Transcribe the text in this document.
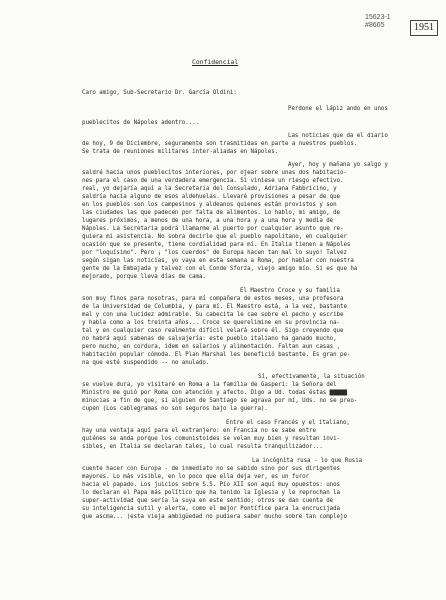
15623-1
#8665	1951
Confidencial
Caro amigo, Sub-Secretario Dr. García Oldini:
Perdone el lápiz ando en unos
pueblecitos de Nápoles adentro....
Las noticias que da el diario
de hoy, 9 de Diciembre, seguramente son trasmitidas en parte a nuestros pueblos.
Se trata de reuniones militares inter-aliadas en Nápoles.
Ayer, hoy y mañana yo salgo y
saldré hacia unos pueblecitos interiores, por ojear sobre unas dos habitacio-
nes para el caso de una verdadera emergencia. Si viniese un riesgo efectivo.
real, yo dejaría aquí a la Secretaria del Consulado, Adriana Fabbricino, y
saldría hacia alguno de esos aldehuelas. Llevaré provisiones a pesar de que
en los pueblos son los campesinos y aldeanos quienes están provistos y son
las ciudades las que padecen por falta de alimentos. Lo hablo, mi amigo, de
lugares próximos, a menos de una hora, a una hora y a una hora y media de
Nápoles. La Secretaria podrá llamarme al puerto por cualquier asunto que re-
quiera mi asistencia. No sobra decirle que el pueblo napolitano, en cualquier
ocasión que se presente, tiene cordialidad para mí. En Italia tienen a Nápoles
por "loquísimo". Pero ¡ "los cuerdos" de Europa hacen tan mal lo suyo! Talvez
según sigan las noticias, yo vaya en esta semana a Roma, por hablar con nuestra
gente de la Embajada y talvez con el Conde Sforza, viejo amigo mío. Si es que ha
mejorado, porque lleva días de cama.
El Maestro Croce y su familia
son muy finos para nosotras, para mí compañera de estos meses, una profesora
de la Universidad de Columbia, y para mí. El Maestro está, a la vez, bastante
mal y con una lucidez admirable. Su cabecita le cae sobre el pecho y escribe
y habla como a los treinta años... Croce se querelimine en su provincia na-
tal y en cualquier caso realmente difícil velará sobre él. Sigo creyendo que
no habrá aquí sabenas de salvajería: este pueblo italiano ha ganado mucho,
pero mucho, en cordura, idem en salarios y alimentación. Faltan aun casas ,
habitación popular cómoda. El Plan Marshal les benefició bastante. Es gran pe-
na que esté suspendido -- no anulado.
Sí, efectivamente, la situación
se vuelve dura, yo visitaré en Roma a la familia de Gasperi: la Señora del
Ministro me guió por Roma con atención y afecto. Digo a Ud. todas éstas ▇▇▇▇▇
minucias a fin de que, si alguien de Santiago se agrava por mí, Uds. no se preo-
cupen (Los cablegramas no son seguros bajo la guerra).
Entre el caso Francés y el italiano,
hay una ventaja aquí para el extranjero: en Francia no se sabe entre
quiénes se anda porque los comunistoides se velan muy bien y resultan invi-
sibles, en Italia se declaran tales, lo cual resulta tranquilizador...
La incógnita rusa - lo que Rusia
cuente hacer con Europa - de inmediato no se sabido sino por sus dirigentes
mayores. Lo más visible, en lo poco que ella deja ver, es un furor
hacia el papado. Los juicios sobre S.S. Pío XII son aquí muy opuestos: unos
lo declaran el Papa más político que ha tenido la Iglesia y le reprochan la
super-actividad que sería la suya en este sentido; otros se dan cuenta de
su inteligencia sutil y alerta, como el mejor Pontífice para la encrucijada
que ascma... (esta vieja ambigüedad no pudiera saber mucho sobre tan complejo
